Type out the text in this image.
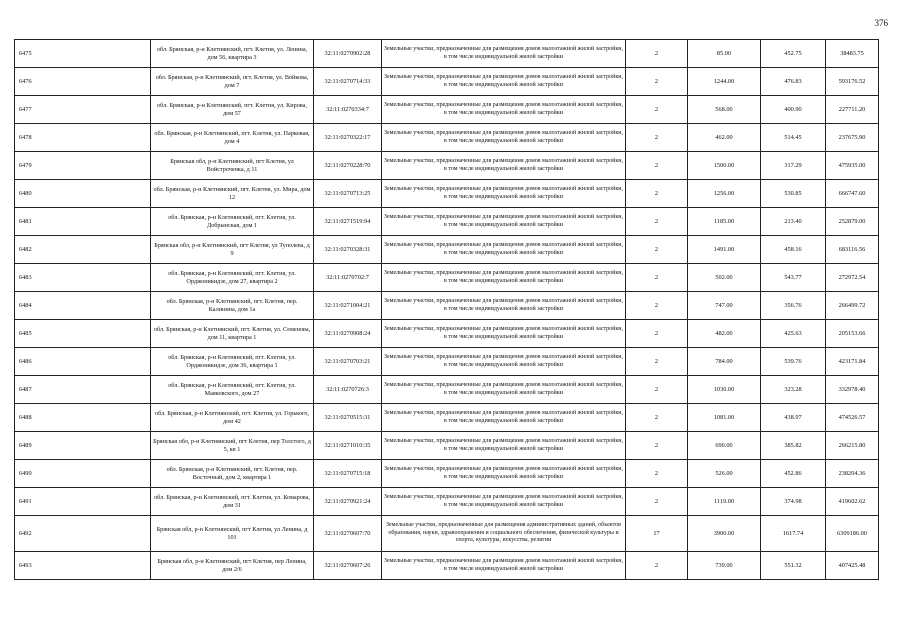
376
6475	обл. Брянская, р-н Клетнянский, пгт. Клетня, ул. Ленина, дом 56, квартира 3	32:11:0270902:28	Земельные участки, предназначенные для размещения домов малоэтажной жилой застройки, в том числе индивидуальной жилой застройки	2	85.00	452.75	38483.75
6476	обл. Брянская, р-н Клетнянский, пгт. Клетня, ул. Войкова, дом 7	32:11:0270714:33	Земельные участки, предназначенные для размещения домов малоэтажной жилой застройки, в том числе индивидуальной жилой застройки	2	1244.00	476.83	593176.52
6477	обл. Брянская, р-н Клетнянский, пгт. Клетня, ул. Кирова, дом 57	32:11:0270334:7	Земельные участки, предназначенные для размещения домов малоэтажной жилой застройки, в том числе индивидуальной жилой застройки	2	568.00	400.90	227711.20
6478	обл. Брянская, р-н Клетнянский, пгт. Клетня, ул. Парковая, дом 4	32:11:0270322:17	Земельные участки, предназначенные для размещения домов малоэтажной жилой застройки, в том числе индивидуальной жилой застройки	2	462.00	514.45	237675.90
6479	Брянская обл, р-н Клетнянский, пгт Клетня, ул Войстроченка, д 11	32:11:0270228:70	Земельные участки, предназначенные для размещения домов малоэтажной жилой застройки, в том числе индивидуальной жилой застройки	2	1500.00	317.29	475935.00
6480	обл. Брянская, р-н Клетнянский, пгт. Клетня, ул. Мира, дом 12	32:11:0270713:25	Земельные участки, предназначенные для размещения домов малоэтажной жилой застройки, в том числе индивидуальной жилой застройки	2	1256.00	530.85	666747.60
6481	обл. Брянская, р-н Клетнянский, пгт. Клетня, ул. Добрынская, дом 1	32:11:0271519:94	Земельные участки, предназначенные для размещения домов малоэтажной жилой застройки, в том числе индивидуальной жилой застройки	2	1185.00	213.40	252879.00
6482	Брянская обл, р-н Клетнянский, пгт Клетня, ул Туполева, д 9	32:11:0270328:31	Земельные участки, предназначенные для размещения домов малоэтажной жилой застройки, в том числе индивидуальной жилой застройки	2	1491.00	458.16	683116.56
6483	обл. Брянская, р-н Клетнянский, пгт. Клетня, ул. Орджоникидзе, дом 27, квартира 2	32:11:0270702:7	Земельные участки, предназначенные для размещения домов малоэтажной жилой застройки, в том числе индивидуальной жилой застройки	2	502.00	543.77	272972.54
6484	обл. Брянская, р-н Клетнянский, пгт. Клетня, пер. Калинина, дом 1а	32:11:0271004:21	Земельные участки, предназначенные для размещения домов малоэтажной жилой застройки, в том числе индивидуальной жилой застройки	2	747.00	356.76	266499.72
6485	обл. Брянская, р-н Клетнянский, пгт. Клетня, ул. Семенова, дом 11, квартира 1	32:11:0270908:24	Земельные участки, предназначенные для размещения домов малоэтажной жилой застройки, в том числе индивидуальной жилой застройки	2	482.00	425.63	205153.66
6486	обл. Брянская, р-н Клетнянский, пгт. Клетня, ул. Орджоникидзе, дом 36, квартира 1	32:11:0270703:21	Земельные участки, предназначенные для размещения домов малоэтажной жилой застройки, в том числе индивидуальной жилой застройки	2	784.00	539.76	423171.84
6487	обл. Брянская, р-н Клетнянский, пгт. Клетня, ул. Маяковского, дом 27	32:11:0270726:3	Земельные участки, предназначенные для размещения домов малоэтажной жилой застройки, в том числе индивидуальной жилой застройки	2	1030.00	323.28	332978.40
6488	обл. Брянская, р-н Клетнянский, пгт. Клетня, ул. Горького, дом 42	32:11:0270515:31	Земельные участки, предназначенные для размещения домов малоэтажной жилой застройки, в том числе индивидуальной жилой застройки	2	1081.00	438.97	474526.57
6489	Брянская обл, р-н Клетнянский, пгт Клетня, пер Толстого, д 5, кв 1	32:11:0271010:35	Земельные участки, предназначенные для размещения домов малоэтажной жилой застройки, в том числе индивидуальной жилой застройки	2	690.00	385.82	266215.80
6490	обл. Брянская, р-н Клетнянский, пгт. Клетня, пер. Восточный, дом 2, квартира 1	32:11:0270715:18	Земельные участки, предназначенные для размещения домов малоэтажной жилой застройки, в том числе индивидуальной жилой застройки	2	526.00	452.86	238204.36
6491	обл. Брянская, р-н Клетнянский, пгт. Клетня, ул. Комарова, дом 31	32:11:0270921:24	Земельные участки, предназначенные для размещения домов малоэтажной жилой застройки, в том числе индивидуальной жилой застройки	2	1119.00	374.98	419602.62
6492	Брянская обл, р-н Клетнянский, пгт Клетня, ул Ленина, д 101	32:11:0270607:70	Земельные участки, предназначенные для размещения административных зданий, объектов образования, науки, здравоохранения и социального обеспечения, физической культуры и спорта, культуры, искусства, религии	17	3900.00	1617.74	6309186.00
6493	Брянская обл, р-н Клетнянский, пгт Клетня, пер Ленина, дом 2/6	32:11:0270607:26	Земельные участки, предназначенные для размещения домов малоэтажной жилой застройки, в том числе индивидуальной жилой застройки	2	739.00	551.32	407425.48
